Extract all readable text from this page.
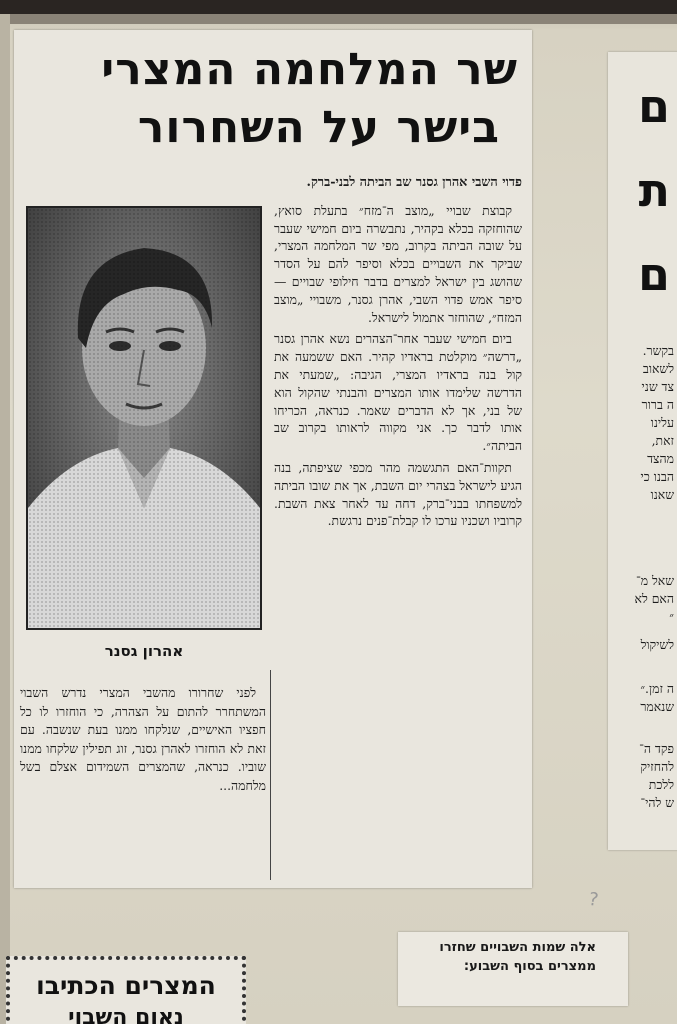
שר המלחמה המצרי
בישר על השחרור

אהרון גסנר

פדוי השבי אהרן גסנר שב הביתה לבני-ברק.

קבוצת שבויי „מוצב ה־מזח״ בתעלת סואץ, שהוחזקה בכלא בקהיר, נתבשרה ביום חמישי שעבר על שובה הביתה בקרוב, מפי שר המלחמה המצרי, שביקר את השבויים בכלא וסיפר להם על הסדר שהושג בין ישראל למצרים בדבר חילופי שבויים — סיפר אמש פדוי השבי, אהרן גסנר, משבויי „מוצב המזח״, שהוחזר אתמול לישראל.

ביום חמישי שעבר אחר־הצהרים נשא אהרן גסנר „דרשה״ מוקלטת בראדיו קהיר. האם ששמעה את קול בנה בראדיו המצרי, הגיבה: „שמעתי את הדרשה שלימדו אותו המצרים והבנתי שהקול הוא של בני, אך לא הדברים שאמר. כנראה, הכריחו אותו לדבר כך. אני מקווה לראותו בקרוב שב הביתה״.

תקוות־האם התגשמה מהר מכפי שציפתה, בנה הגיע לישראל בצהרי יום השבת, אך את שובו הביתה למשפחתו בבני־ברק, דחה עד לאחר צאת השבת. קרוביו ושכניו ערכו לו קבלת־פנים נרגשת.

לפני שחרורו מהשבי המצרי נדרש השבוי המשתחרר להתום על הצהרה, כי הוחזרו לו כל חפציו האישיים, שנלקחו ממנו בעת שנשבה. עם זאת לא הוחזרו לאהרן גסנר, זוג תפילין שלקחו ממנו שוביו. כנראה, שהמצרים השמידום אצלם בשל מלחמה...

ם

ת

ם

בקשר.

לשאוב

צד שני

ה ברור

עלינו

זאת,

מהצד

הבנו כי

שאנו

שאל מ־

האם לא

״

לשיקול

ה זמן.״

שנאמר

פקד ה־

להחזיק

ללכת

ש להי־

אלה שמות השבויים שחזרו ממצרים בסוף השבוע:

המצרים הכתיבו

נאום השבוי

?
